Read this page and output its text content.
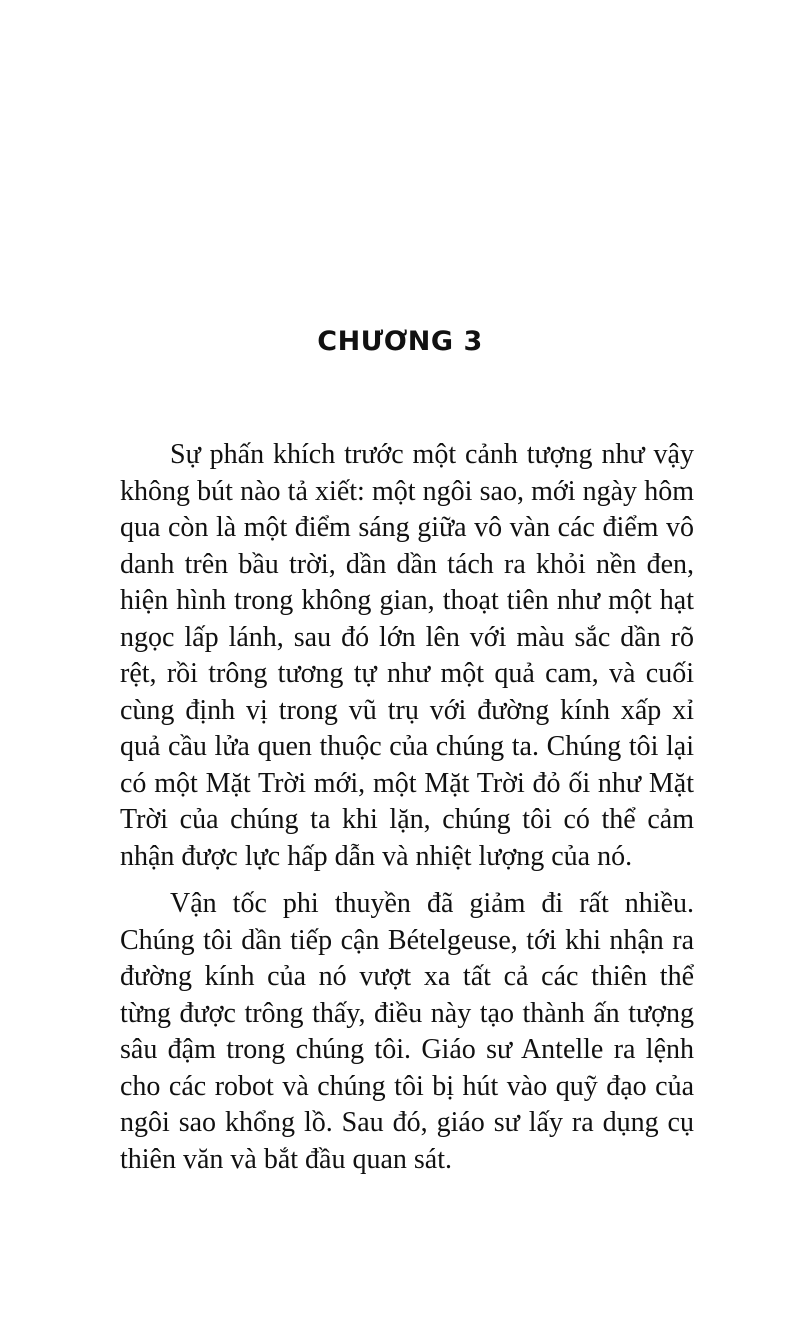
CHƯƠNG 3

Sự phấn khích trước một cảnh tượng như vậy không bút nào tả xiết: một ngôi sao, mới ngày hôm qua còn là một điểm sáng giữa vô vàn các điểm vô danh trên bầu trời, dần dần tách ra khỏi nền đen, hiện hình trong không gian, thoạt tiên như một hạt ngọc lấp lánh, sau đó lớn lên với màu sắc dần rõ rệt, rồi trông tương tự như một quả cam, và cuối cùng định vị trong vũ trụ với đường kính xấp xỉ quả cầu lửa quen thuộc của chúng ta. Chúng tôi lại có một Mặt Trời mới, một Mặt Trời đỏ ối như Mặt Trời của chúng ta khi lặn, chúng tôi có thể cảm nhận được lực hấp dẫn và nhiệt lượng của nó.

Vận tốc phi thuyền đã giảm đi rất nhiều. Chúng tôi dần tiếp cận Bételgeuse, tới khi nhận ra đường kính của nó vượt xa tất cả các thiên thể từng được trông thấy, điều này tạo thành ấn tượng sâu đậm trong chúng tôi. Giáo sư Antelle ra lệnh cho các robot và chúng tôi bị hút vào quỹ đạo của ngôi sao khổng lồ. Sau đó, giáo sư lấy ra dụng cụ thiên văn và bắt đầu quan sát.
